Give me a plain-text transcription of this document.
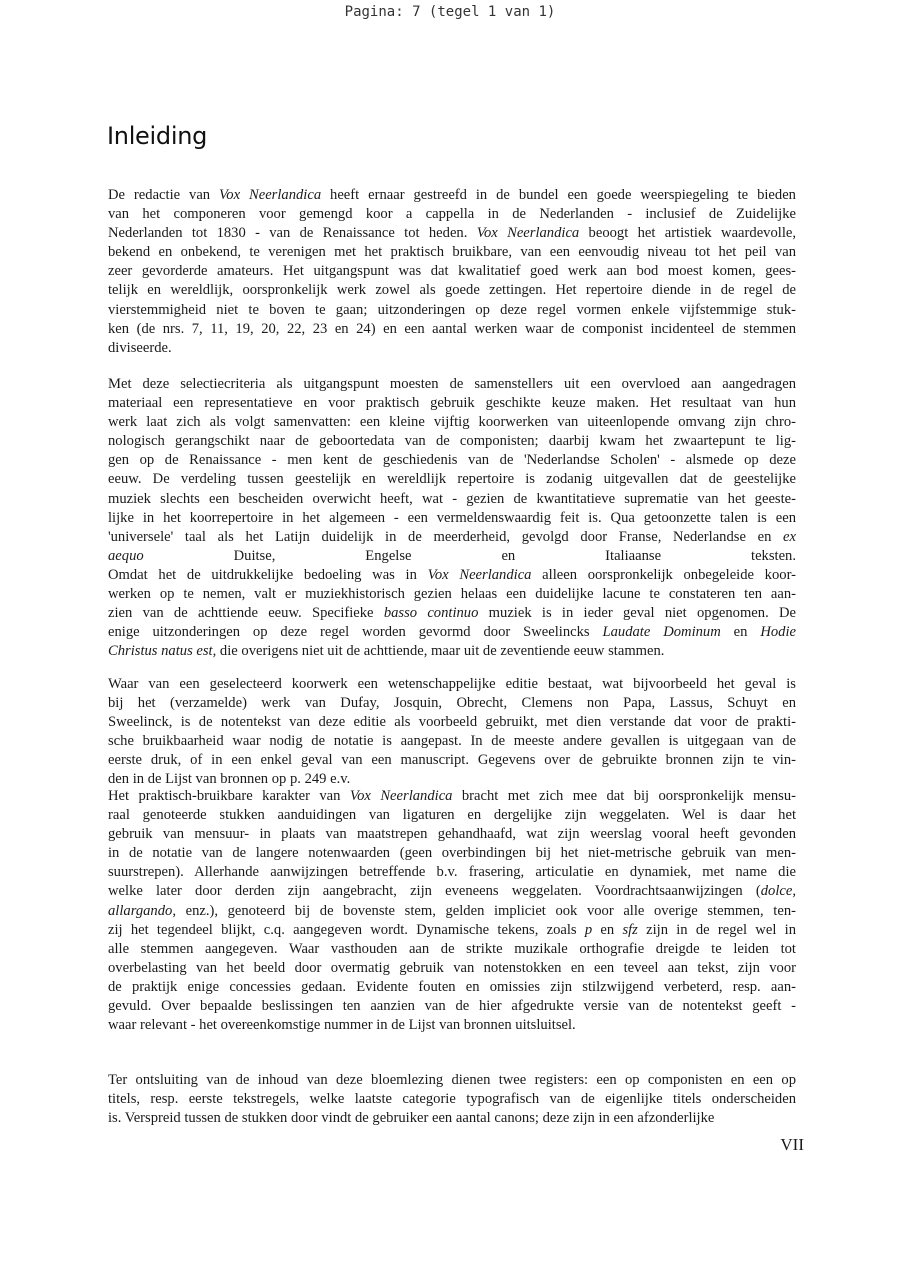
Pagina: 7 (tegel 1 van 1)
Inleiding
De redactie van Vox Neerlandica heeft ernaar gestreefd in de bundel een goede weerspiegeling te bieden
van het componeren voor gemengd koor a cappella in de Nederlanden - inclusief de Zuidelijke
Nederlanden tot 1830 - van de Renaissance tot heden. Vox Neerlandica beoogt het artistiek waardevolle,
bekend en onbekend, te verenigen met het praktisch bruikbare, van een eenvoudig niveau tot het peil van
zeer gevorderde amateurs. Het uitgangspunt was dat kwalitatief goed werk aan bod moest komen, gees-
telijk en wereldlijk, oorspronkelijk werk zowel als goede zettingen. Het repertoire diende in de regel de
vierstemmigheid niet te boven te gaan; uitzonderingen op deze regel vormen enkele vijfstemmige stuk-
ken (de nrs. 7, 11, 19, 20, 22, 23 en 24) en een aantal werken waar de componist incidenteel de stemmen
diviseerde.
Met deze selectiecriteria als uitgangspunt moesten de samenstellers uit een overvloed aan aangedragen
materiaal een representatieve en voor praktisch gebruik geschikte keuze maken. Het resultaat van hun
werk laat zich als volgt samenvatten: een kleine vijftig koorwerken van uiteenlopende omvang zijn chro-
nologisch gerangschikt naar de geboortedata van de componisten; daarbij kwam het zwaartepunt te lig-
gen op de Renaissance - men kent de geschiedenis van de 'Nederlandse Scholen' - alsmede op deze
eeuw. De verdeling tussen geestelijk en wereldlijk repertoire is zodanig uitgevallen dat de geestelijke
muziek slechts een bescheiden overwicht heeft, wat - gezien de kwantitatieve suprematie van het geeste-
lijke in het koorrepertoire in het algemeen - een vermeldenswaardig feit is. Qua getoonzette talen is een
'universele' taal als het Latijn duidelijk in de meerderheid, gevolgd door Franse, Nederlandse en ex
aequo Duitse, Engelse en Italiaanse teksten.
Omdat het de uitdrukkelijke bedoeling was in Vox Neerlandica alleen oorspronkelijk onbegeleide koor-
werken op te nemen, valt er muziekhistorisch gezien helaas een duidelijke lacune te constateren ten aan-
zien van de achttiende eeuw. Specifieke basso continuo muziek is in ieder geval niet opgenomen. De
enige uitzonderingen op deze regel worden gevormd door Sweelincks Laudate Dominum en Hodie
Christus natus est, die overigens niet uit de achttiende, maar uit de zeventiende eeuw stammen.
Waar van een geselecteerd koorwerk een wetenschappelijke editie bestaat, wat bijvoorbeeld het geval is
bij het (verzamelde) werk van Dufay, Josquin, Obrecht, Clemens non Papa, Lassus, Schuyt en
Sweelinck, is de notentekst van deze editie als voorbeeld gebruikt, met dien verstande dat voor de prakti-
sche bruikbaarheid waar nodig de notatie is aangepast. In de meeste andere gevallen is uitgegaan van de
eerste druk, of in een enkel geval van een manuscript. Gegevens over de gebruikte bronnen zijn te vin-
den in de Lijst van bronnen op p. 249 e.v.
Het praktisch-bruikbare karakter van Vox Neerlandica bracht met zich mee dat bij oorspronkelijk mensu-
raal genoteerde stukken aanduidingen van ligaturen en dergelijke zijn weggelaten. Wel is daar het
gebruik van mensuur- in plaats van maatstrepen gehandhaafd, wat zijn weerslag vooral heeft gevonden
in de notatie van de langere notenwaarden (geen overbindingen bij het niet-metrische gebruik van men-
suurstrepen). Allerhande aanwijzingen betreffende b.v. frasering, articulatie en dynamiek, met name die
welke later door derden zijn aangebracht, zijn eveneens weggelaten. Voordrachtsaanwijzingen (dolce,
allargando, enz.), genoteerd bij de bovenste stem, gelden impliciet ook voor alle overige stemmen, ten-
zij het tegendeel blijkt, c.q. aangegeven wordt. Dynamische tekens, zoals p en sfz zijn in de regel wel in
alle stemmen aangegeven. Waar vasthouden aan de strikte muzikale orthografie dreigde te leiden tot
overbelasting van het beeld door overmatig gebruik van notenstokken en een teveel aan tekst, zijn voor
de praktijk enige concessies gedaan. Evidente fouten en omissies zijn stilzwijgend verbeterd, resp. aan-
gevuld. Over bepaalde beslissingen ten aanzien van de hier afgedrukte versie van de notentekst geeft -
waar relevant - het overeenkomstige nummer in de Lijst van bronnen uitsluitsel.
Ter ontsluiting van de inhoud van deze bloemlezing dienen twee registers: een op componisten en een op
titels, resp. eerste tekstregels, welke laatste categorie typografisch van de eigenlijke titels onderscheiden
is. Verspreid tussen de stukken door vindt de gebruiker een aantal canons; deze zijn in een afzonderlijke
VII
